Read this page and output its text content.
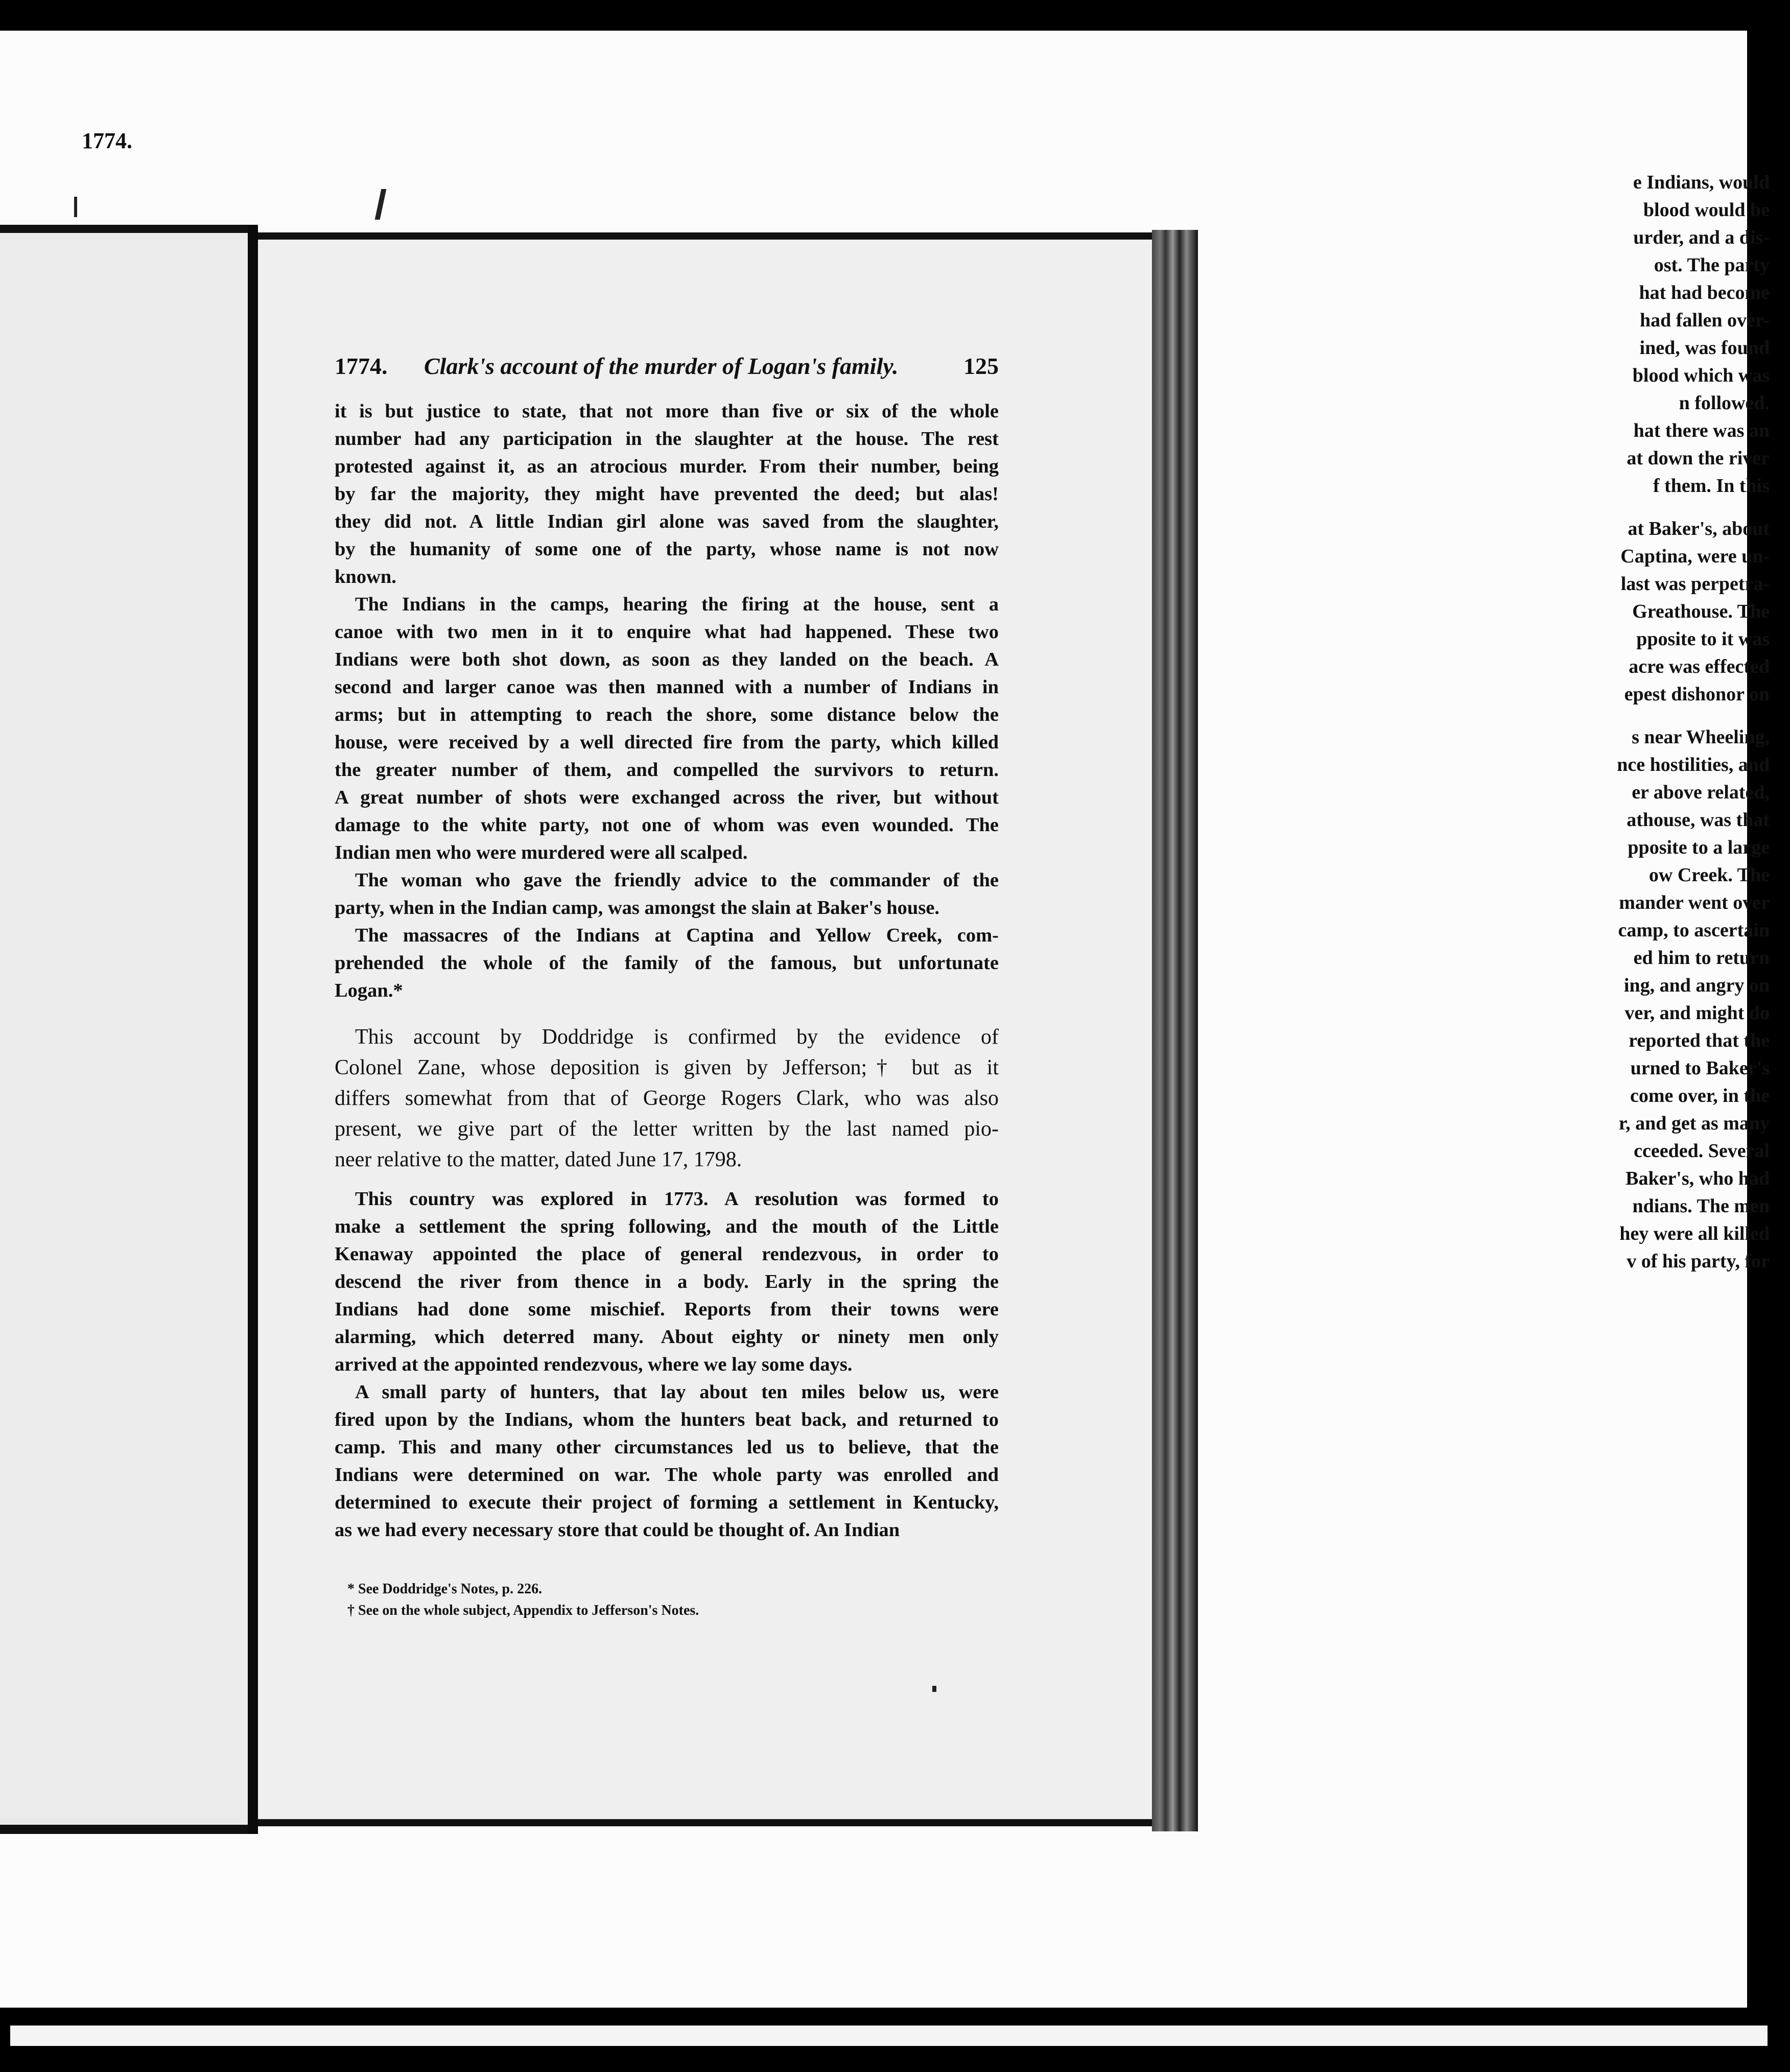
1774.
e Indians, would
blood would be
urder, and a dis-
ost. The party
hat had become
had fallen over-
ined, was found
blood which was
n followed.
hat there was an
at down the river
f them. In this
at Baker's, about
Captina, were un-
last was perpetra-
Greathouse. The
pposite to it was
acre was effected
epest dishonor on
s near Wheeling,
nce hostilities, and
er above related,
athouse, was that
pposite to a large
ow Creek. The
mander went over
camp, to ascertain
ed him to return
ing, and angry on
ver, and might do
reported that the
urned to Baker's
come over, in the
r, and get as many
cceeded. Several
Baker's, who had
ndians. The men
hey were all killed
v of his party, for
1774. Clark's account of the murder of Logan's family.	125
it is but justice to state, that not more than five or six of the whole
number had any participation in the slaughter at the house. The rest
protested against it, as an atrocious murder. From their number, being
by far the majority, they might have prevented the deed; but alas!
they did not. A little Indian girl alone was saved from the slaughter,
by the humanity of some one of the party, whose name is not now
known.
The Indians in the camps, hearing the firing at the house, sent a
canoe with two men in it to enquire what had happened. These two
Indians were both shot down, as soon as they landed on the beach. A
second and larger canoe was then manned with a number of Indians in
arms; but in attempting to reach the shore, some distance below the
house, were received by a well directed fire from the party, which killed
the greater number of them, and compelled the survivors to return.
A great number of shots were exchanged across the river, but without
damage to the white party, not one of whom was even wounded. The
Indian men who were murdered were all scalped.
The woman who gave the friendly advice to the commander of the
party, when in the Indian camp, was amongst the slain at Baker's house.
The massacres of the Indians at Captina and Yellow Creek, com-
prehended the whole of the family of the famous, but unfortunate
Logan.*
This account by Doddridge is confirmed by the evidence of
Colonel Zane, whose deposition is given by Jefferson;† but as it
differs somewhat from that of George Rogers Clark, who was also
present, we give part of the letter written by the last named pio-
neer relative to the matter, dated June 17, 1798.
This country was explored in 1773. A resolution was formed to
make a settlement the spring following, and the mouth of the Little
Kenaway appointed the place of general rendezvous, in order to
descend the river from thence in a body. Early in the spring the
Indians had done some mischief. Reports from their towns were
alarming, which deterred many. About eighty or ninety men only
arrived at the appointed rendezvous, where we lay some days.
A small party of hunters, that lay about ten miles below us, were
fired upon by the Indians, whom the hunters beat back, and returned to
camp. This and many other circumstances led us to believe, that the
Indians were determined on war. The whole party was enrolled and
determined to execute their project of forming a settlement in Kentucky,
as we had every necessary store that could be thought of. An Indian
* See Doddridge's Notes, p. 226.
† See on the whole subject, Appendix to Jefferson's Notes.
